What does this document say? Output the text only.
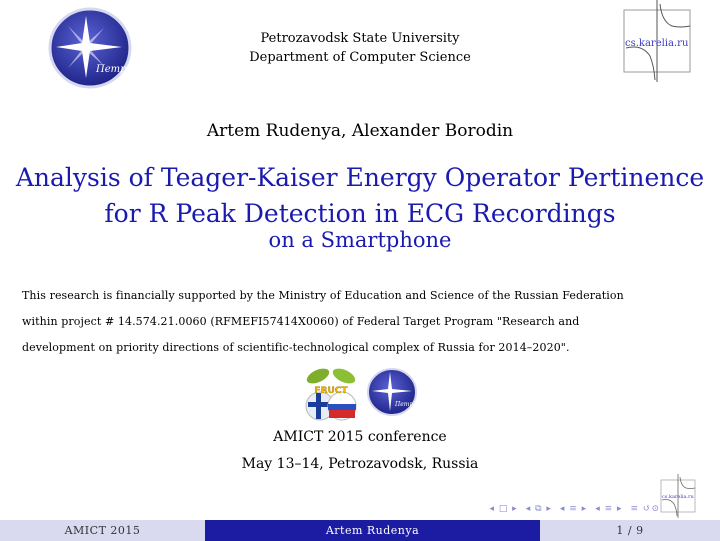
ПетрГУ
cs.karelia.ru
Petrozavodsk State University
Department of Computer Science
Artem Rudenya, Alexander Borodin
Analysis of Teager-Kaiser Energy Operator Pertinence
for R Peak Detection in ECG Recordings
on a Smartphone
This research is financially supported by the Ministry of Education and Science of the Russian Federation
within project # 14.574.21.0060 (RFMEFI57414X0060) of Federal Target Program "Research and
development on priority directions of scientific-technological complex of Russia for 2014–2020".
FRUCT
ПетрГУ
AMICT 2015 conference
May 13–14, Petrozavodsk, Russia
cs.karelia.ru
◂ □ ▸ ◂ ⧉ ▸ ◂ ≡ ▸ ◂ ≡ ▸ ≡ ↺⊙
AMICT 2015	Artem Rudenya	1 / 9
